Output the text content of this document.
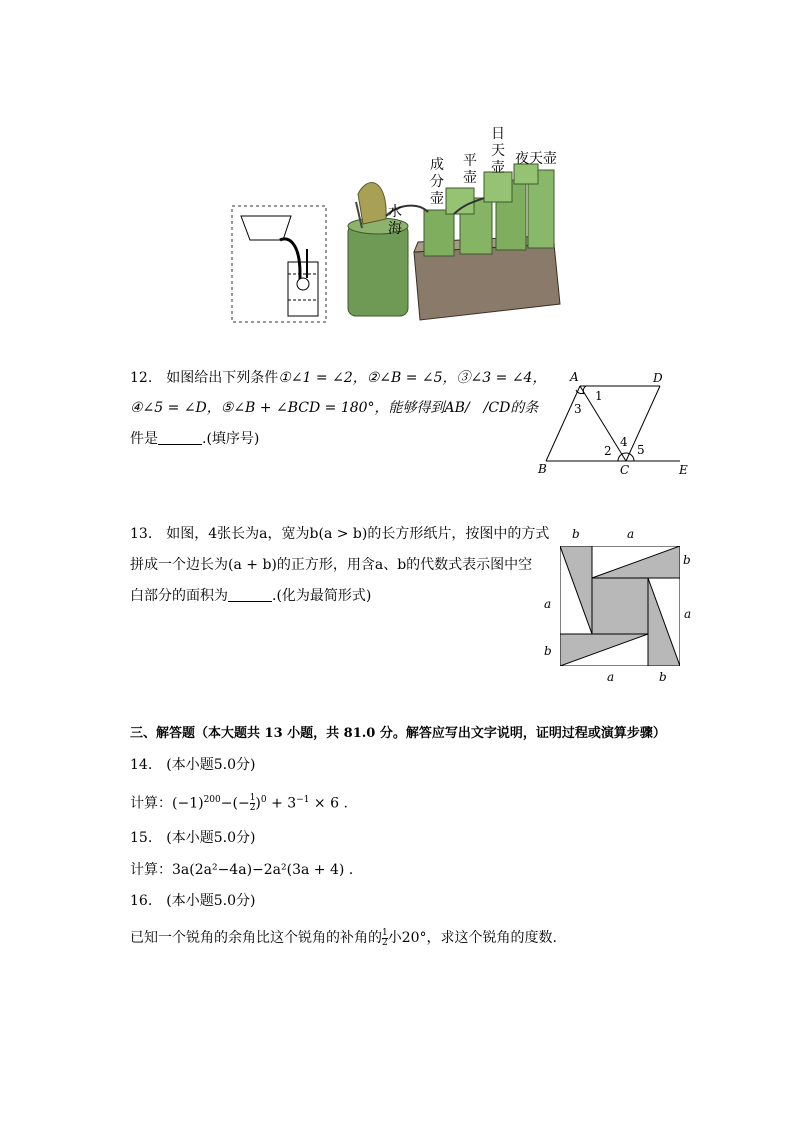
水海
成分壶
平壶
日天壶
夜天壶
12.　如图给出下列条件①∠1 = ∠2，②∠B = ∠5，③∠3 = ∠4，
④∠5 = ∠D，⑤∠B + ∠BCD = 180°，能够得到AB/　/CD的条
件是	.(填序号)
A	D
B	C	E
1
3
4
2 5
13.　如图，4张长为a，宽为b(a > b)的长方形纸片，按图中的方式
拼成一个边长为(a + b)的正方形，用含a、b的代数式表示图中空
白部分的面积为	.(化为最简形式)
b	a
b
a
a
b
a	b
三、解答题（本大题共 13 小题，共 81.0 分。解答应写出文字说明，证明过程或演算步骤）
14.　(本小题5.0分)
计算：$(-1)^{200}-(- \frac{1}{2} )^0 + 3^{-1} \times 6$ .
15.　(本小题5.0分)
计算：3a(2a²−4a)−2a²(3a + 4) .
16.　(本小题5.0分)
已知一个锐角的余角比这个锐角的补角的 $\frac{1}{2}$ 小20°，求这个锐角的度数.
